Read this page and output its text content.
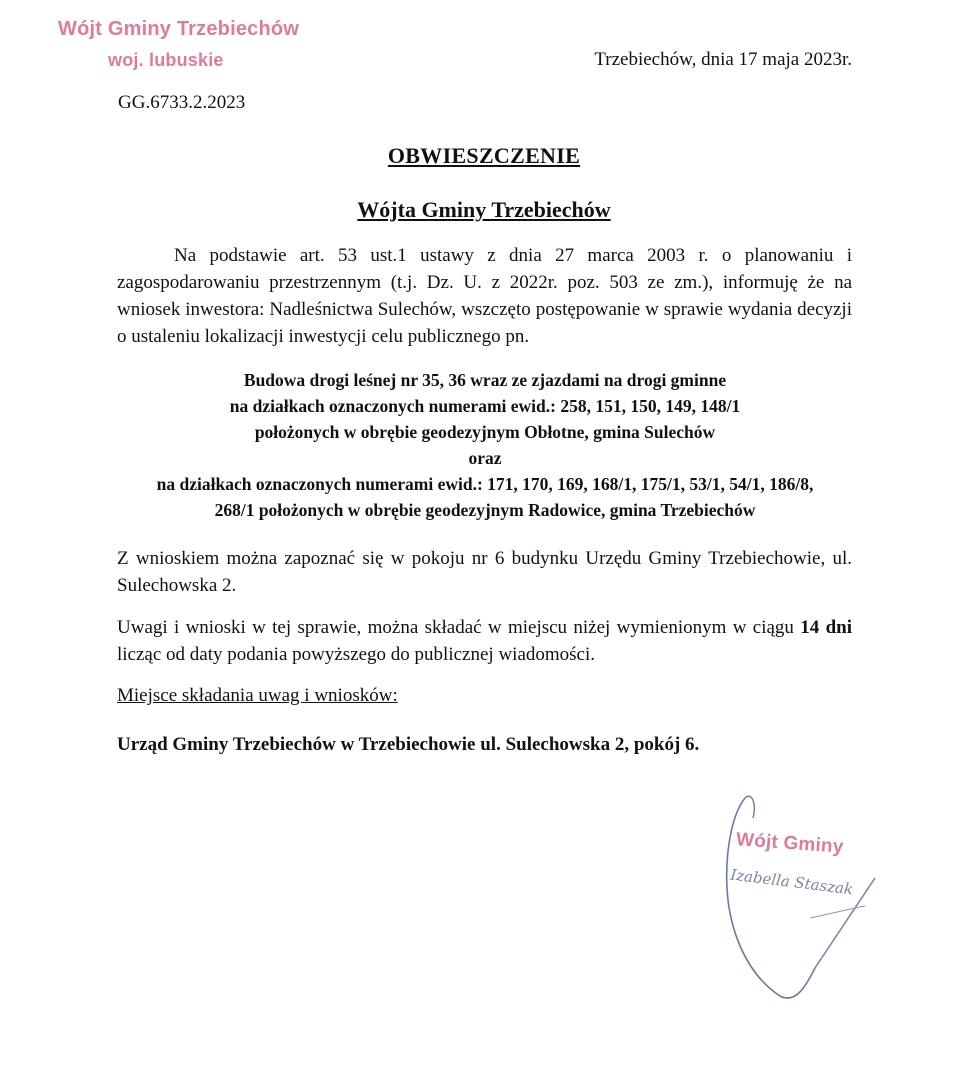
Wójt Gminy Trzebiechów
woj. lubuskie	Trzebiechów, dnia 17 maja 2023r.
GG.6733.2.2023
OBWIESZCZENIE
Wójta Gminy Trzebiechów
Na podstawie art. 53 ust.1 ustawy z dnia 27 marca 2003 r. o planowaniu i zagospodarowaniu przestrzennym (t.j. Dz. U. z 2022r. poz. 503 ze zm.), informuję że na wniosek inwestora: Nadleśnictwa Sulechów, wszczęto postępowanie w sprawie wydania decyzji o ustaleniu lokalizacji inwestycji celu publicznego pn.
Budowa drogi leśnej nr 35, 36 wraz ze zjazdami na drogi gminne
na działkach oznaczonych numerami ewid.: 258, 151, 150, 149, 148/1
położonych w obrębie geodezyjnym Obłotne, gmina Sulechów
oraz
na działkach oznaczonych numerami ewid.: 171, 170, 169, 168/1, 175/1, 53/1, 54/1, 186/8,
268/1 położonych w obrębie geodezyjnym Radowice, gmina Trzebiechów
Z wnioskiem można zapoznać się w pokoju nr 6 budynku Urzędu Gminy Trzebiechowie, ul. Sulechowska 2.
Uwagi i wnioski w tej sprawie, można składać w miejscu niżej wymienionym w ciągu 14 dni licząc od daty podania powyższego do publicznej wiadomości.
Miejsce składania uwag i wniosków:
Urząd Gminy Trzebiechów w Trzebiechowie ul. Sulechowska 2, pokój 6.
Wójt Gminy
Izabella Staszak
